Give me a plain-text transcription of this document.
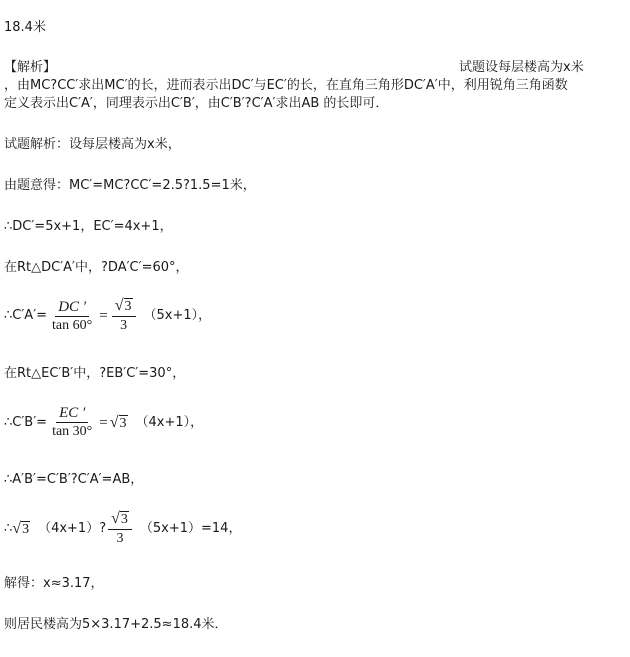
18.4米
【解析】	试题设每层楼高为x米
，由MC?CC′求出MC′的长，进而表示出DC′与EC′的长，在直角三角形DC′A′中，利用锐角三角函数
定义表示出C′A′，同理表示出C′B′，由C′B′?C′A′求出AB 的长即可．
试题解析：设每层楼高为x米，
由题意得：MC′=MC?CC′=2.5?1.5=1米，
∴DC′=5x+1，EC′=4x+1，
在Rt△DC′A′中，?DA′C′=60°，
∴C′A′= $\frac{DC '}{\tan 60^\circ} = \frac{√ 3}{3} (5x+1)$，
在Rt△EC′B′中，?EB′C′=30°，
∴C′B′= $\frac{EC '}{\tan 30^\circ}$ = √ 3 （4x+1），
∴A′B′=C′B′?C′A′=AB，
∴ √ 3 （4x+1）? $\frac{√ 3}{3} (5x+1)=14$，
解得：x≈3.17，
则居民楼高为5×3.17+2.5≈18.4米．
